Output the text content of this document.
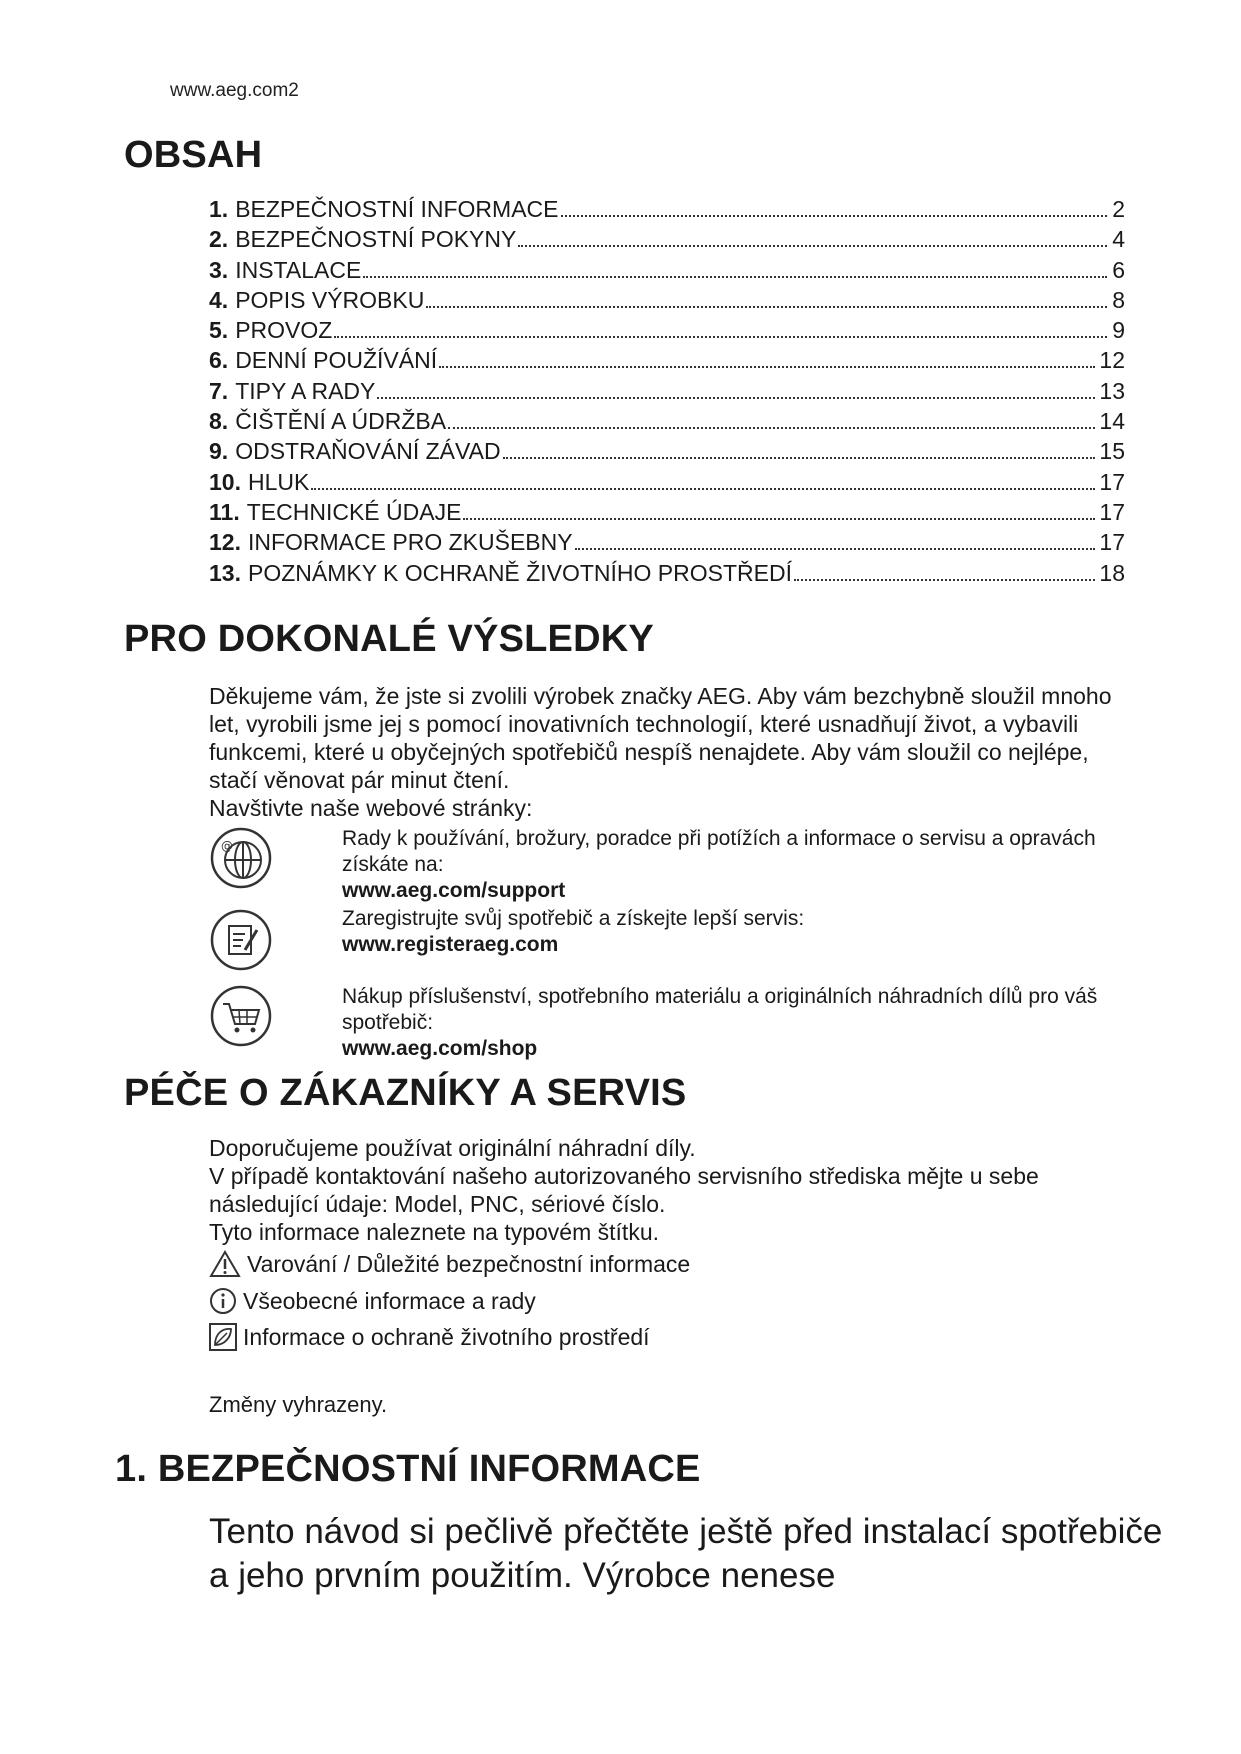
www.aeg.com2
OBSAH
1. BEZPEČNOSTNÍ INFORMACE	2
2. BEZPEČNOSTNÍ POKYNY	4
3. INSTALACE	6
4. POPIS VÝROBKU	8
5. PROVOZ	9
6. DENNÍ POUŽÍVÁNÍ	12
7. TIPY A RADY	13
8. ČIŠTĚNÍ A ÚDRŽBA	14
9. ODSTRAŇOVÁNÍ ZÁVAD	15
10. HLUK	17
11. TECHNICKÉ ÚDAJE	17
12. INFORMACE PRO ZKUŠEBNY	17
13. POZNÁMKY K OCHRANĚ ŽIVOTNÍHO PROSTŘEDÍ	18
PRO DOKONALÉ VÝSLEDKY

Děkujeme vám, že jste si zvolili výrobek značky AEG. Aby vám bezchybně sloužil mnoho let, vyrobili jsme jej s pomocí inovativních technologií, které usnadňují život, a vybavili funkcemi, které u obyčejných spotřebičů nespíš nenajdete. Aby vám sloužil co nejlépe, stačí věnovat pár minut čtení.

Navštivte naše webové stránky:

@	Rady k používání, brožury, poradce při potížích a informace o servisu a opravách získáte na:
www.aeg.com/support
Zaregistrujte svůj spotřebič a získejte lepší servis:
www.registeraeg.com
Nákup příslušenství, spotřebního materiálu a originálních náhradních dílů pro váš spotřebič:
www.aeg.com/shop
PÉČE O ZÁKAZNÍKY A SERVIS

Doporučujeme používat originální náhradní díly.

V případě kontaktování našeho autorizovaného servisního střediska mějte u sebe následující údaje: Model, PNC, sériové číslo.

Tyto informace naleznete na typovém štítku.

Varování / Důležité bezpečnostní informace
Všeobecné informace a rady
Informace o ochraně životního prostředí
Změny vyhrazeny.
1. BEZPEČNOSTNÍ INFORMACE
Tento návod si pečlivě přečtěte ještě před instalací spotřebiče a jeho prvním použitím. Výrobce nenese
